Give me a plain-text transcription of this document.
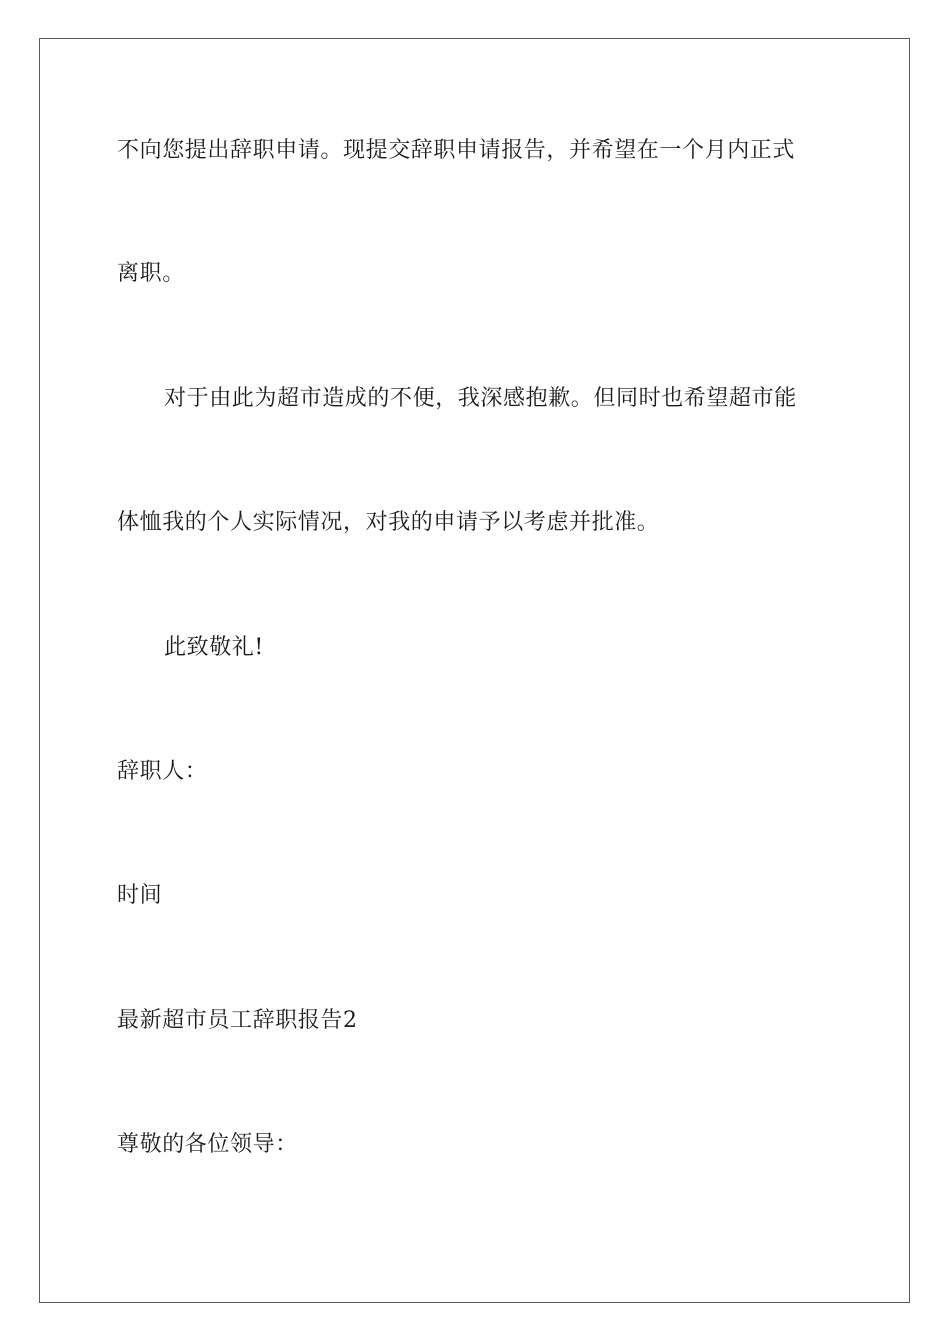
不向您提出辞职申请。现提交辞职申请报告，并希望在一个月内正式
离职。
对于由此为超市造成的不便，我深感抱歉。但同时也希望超市能
体恤我的个人实际情况，对我的申请予以考虑并批准。
此致敬礼!
辞职人：
时间
最新超市员工辞职报告2
尊敬的各位领导：
